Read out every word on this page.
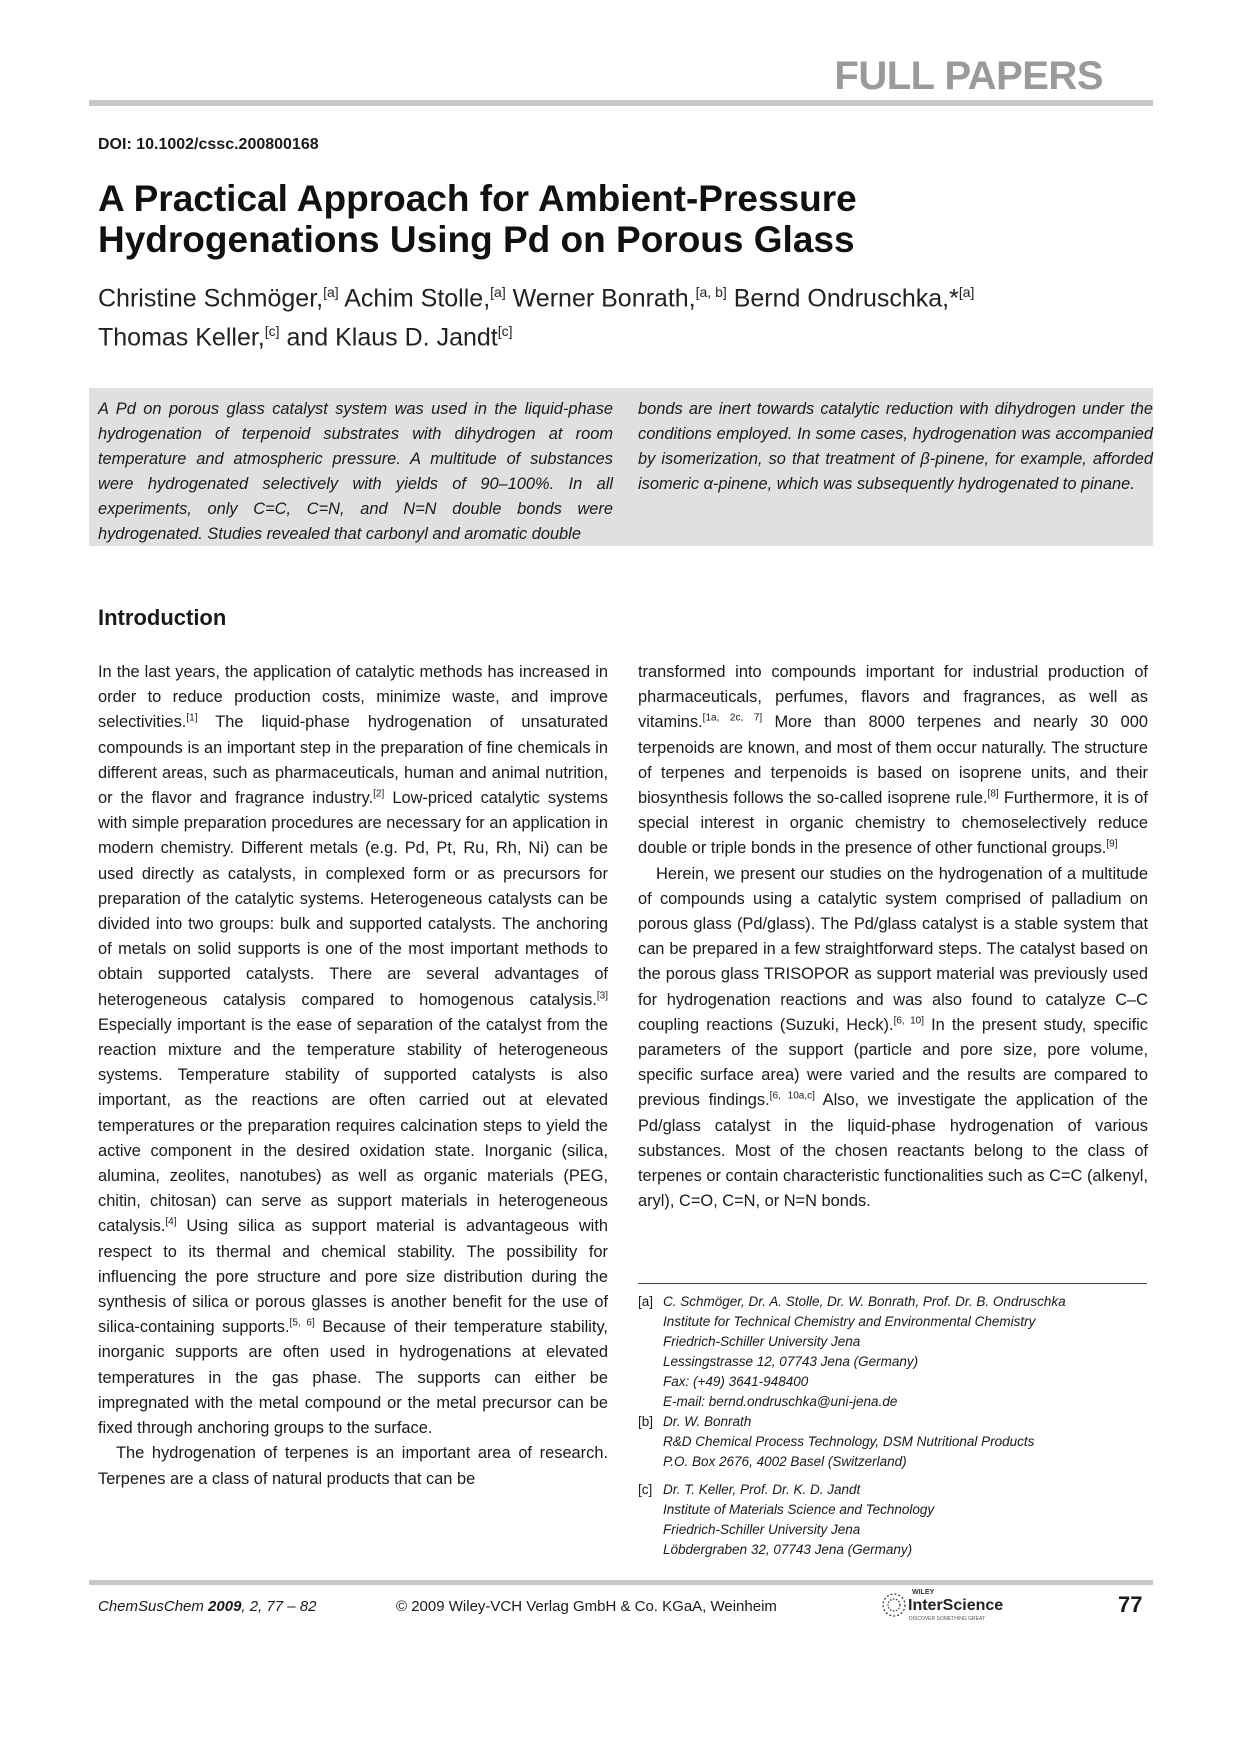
FULL PAPERS
DOI: 10.1002/cssc.200800168
A Practical Approach for Ambient-Pressure
Hydrogenations Using Pd on Porous Glass
Christine Schmöger,[a] Achim Stolle,[a] Werner Bonrath,[a, b] Bernd Ondruschka,*[a]
Thomas Keller,[c] and Klaus D. Jandt[c]

A Pd on porous glass catalyst system was used in the liquid-phase hydrogenation of terpenoid substrates with dihydrogen at room temperature and atmospheric pressure. A multitude of substances were hydrogenated selectively with yields of 90–100%. In all experiments, only C=C, C=N, and N=N double bonds were hydrogenated. Studies revealed that carbonyl and aromatic double

bonds are inert towards catalytic reduction with dihydrogen under the conditions employed. In some cases, hydrogenation was accompanied by isomerization, so that treatment of β-pinene, for example, afforded isomeric α-pinene, which was subsequently hydrogenated to pinane.

Introduction

In the last years, the application of catalytic methods has increased in order to reduce production costs, minimize waste, and improve selectivities.[1] The liquid-phase hydrogenation of unsaturated compounds is an important step in the preparation of fine chemicals in different areas, such as pharmaceuticals, human and animal nutrition, or the flavor and fragrance industry.[2] Low-priced catalytic systems with simple preparation procedures are necessary for an application in modern chemistry. Different metals (e.g. Pd, Pt, Ru, Rh, Ni) can be used directly as catalysts, in complexed form or as precursors for preparation of the catalytic systems. Heterogeneous catalysts can be divided into two groups: bulk and supported catalysts. The anchoring of metals on solid supports is one of the most important methods to obtain supported catalysts. There are several advantages of heterogeneous catalysis compared to homogenous catalysis.[3] Especially important is the ease of separation of the catalyst from the reaction mixture and the temperature stability of heterogeneous systems. Temperature stability of supported catalysts is also important, as the reactions are often carried out at elevated temperatures or the preparation requires calcination steps to yield the active component in the desired oxidation state. Inorganic (silica, alumina, zeolites, nanotubes) as well as organic materials (PEG, chitin, chitosan) can serve as support materials in heterogeneous catalysis.[4] Using silica as support material is advantageous with respect to its thermal and chemical stability. The possibility for influencing the pore structure and pore size distribution during the synthesis of silica or porous glasses is another benefit for the use of silica-containing supports.[5, 6] Because of their temperature stability, inorganic supports are often used in hydrogenations at elevated temperatures in the gas phase. The supports can either be impregnated with the metal compound or the metal precursor can be fixed through anchoring groups to the surface.

The hydrogenation of terpenes is an important area of research. Terpenes are a class of natural products that can be

transformed into compounds important for industrial production of pharmaceuticals, perfumes, flavors and fragrances, as well as vitamins.[1a, 2c, 7] More than 8000 terpenes and nearly 30 000 terpenoids are known, and most of them occur naturally. The structure of terpenes and terpenoids is based on isoprene units, and their biosynthesis follows the so-called isoprene rule.[8] Furthermore, it is of special interest in organic chemistry to chemoselectively reduce double or triple bonds in the presence of other functional groups.[9]

Herein, we present our studies on the hydrogenation of a multitude of compounds using a catalytic system comprised of palladium on porous glass (Pd/glass). The Pd/glass catalyst is a stable system that can be prepared in a few straightforward steps. The catalyst based on the porous glass TRISOPOR as support material was previously used for hydrogenation reactions and was also found to catalyze C–C coupling reactions (Suzuki, Heck).[6, 10] In the present study, specific parameters of the support (particle and pore size, pore volume, specific surface area) were varied and the results are compared to previous findings.[6, 10a,c] Also, we investigate the application of the Pd/glass catalyst in the liquid-phase hydrogenation of various substances. Most of the chosen reactants belong to the class of terpenes or contain characteristic functionalities such as C=C (alkenyl, aryl), C=O, C=N, or N=N bonds.

[a] C. Schmöger, Dr. A. Stolle, Dr. W. Bonrath, Prof. Dr. B. Ondruschka
Institute for Technical Chemistry and Environmental Chemistry
Friedrich-Schiller University Jena
Lessingstrasse 12, 07743 Jena (Germany)
Fax: (+49) 3641-948400
E-mail: bernd.ondruschka@uni-jena.de
[b] Dr. W. Bonrath
R&D Chemical Process Technology, DSM Nutritional Products
P.O. Box 2676, 4002 Basel (Switzerland)
[c] Dr. T. Keller, Prof. Dr. K. D. Jandt
Institute of Materials Science and Technology
Friedrich-Schiller University Jena
Löbdergraben 32, 07743 Jena (Germany)
ChemSusChem 2009, 2, 77 – 82	© 2009 Wiley-VCH Verlag GmbH & Co. KGaA, Weinheim
WILEY
InterScience
DISCOVER SOMETHING GREAT
77
